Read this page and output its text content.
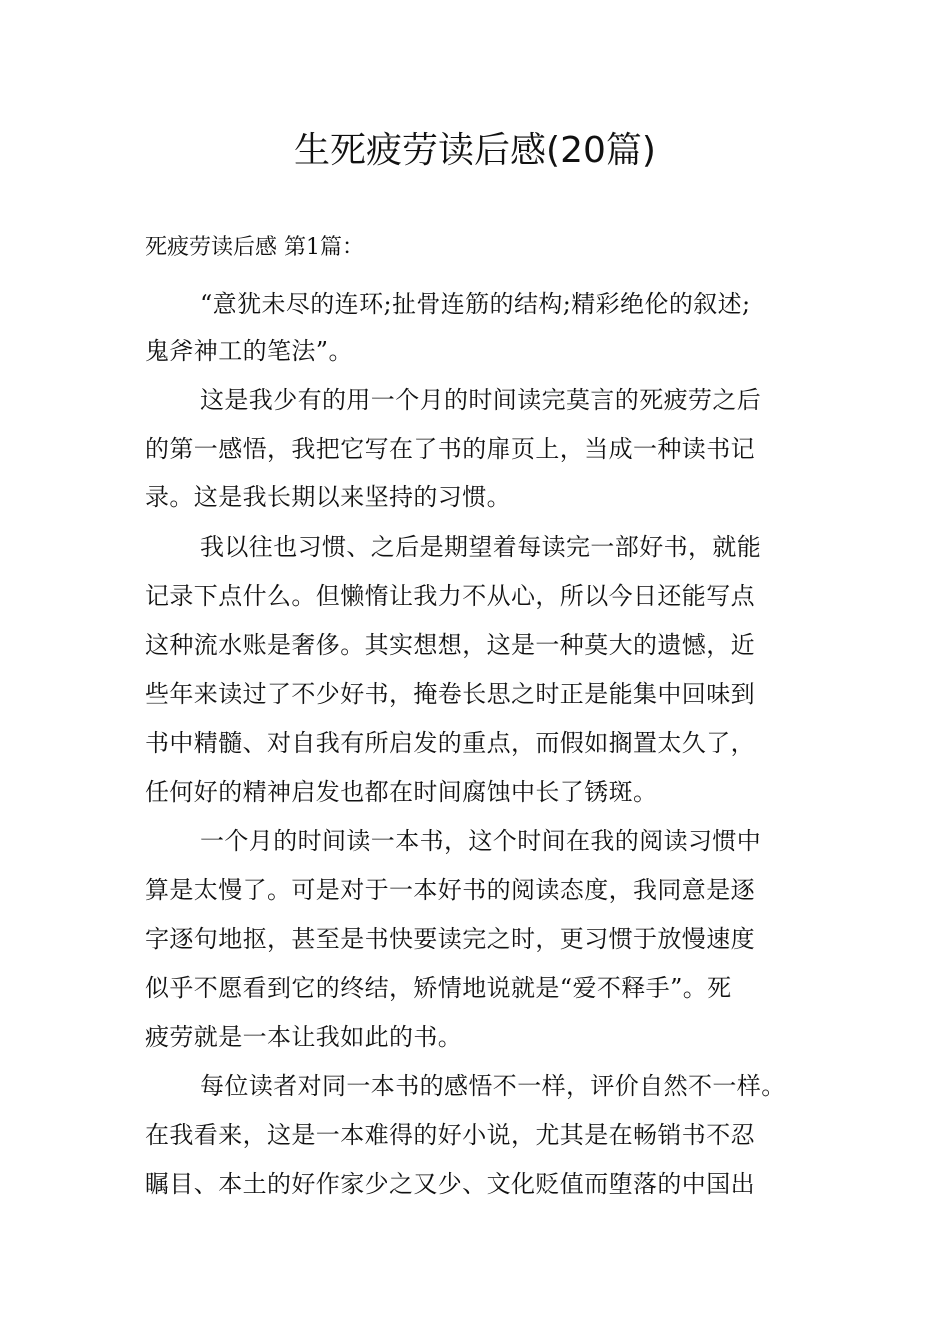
生死疲劳读后感(20篇)
死疲劳读后感 第1篇：
“意犹未尽的连环;扯骨连筋的结构;精彩绝伦的叙述;
鬼斧神工的笔法”。
这是我少有的用一个月的时间读完莫言的死疲劳之后
的第一感悟，我把它写在了书的扉页上，当成一种读书记
录。这是我长期以来坚持的习惯。
我以往也习惯、之后是期望着每读完一部好书，就能
记录下点什么。但懒惰让我力不从心，所以今日还能写点
这种流水账是奢侈。其实想想，这是一种莫大的遗憾，近
些年来读过了不少好书，掩卷长思之时正是能集中回味到
书中精髓、对自我有所启发的重点，而假如搁置太久了，
任何好的精神启发也都在时间腐蚀中长了锈斑。
一个月的时间读一本书，这个时间在我的阅读习惯中
算是太慢了。可是对于一本好书的阅读态度，我同意是逐
字逐句地抠，甚至是书快要读完之时，更习惯于放慢速度
似乎不愿看到它的终结，矫情地说就是“爱不释手”。死
疲劳就是一本让我如此的书。
每位读者对同一本书的感悟不一样，评价自然不一样。
在我看来，这是一本难得的好小说，尤其是在畅销书不忍
瞩目、本土的好作家少之又少、文化贬值而堕落的中国出
